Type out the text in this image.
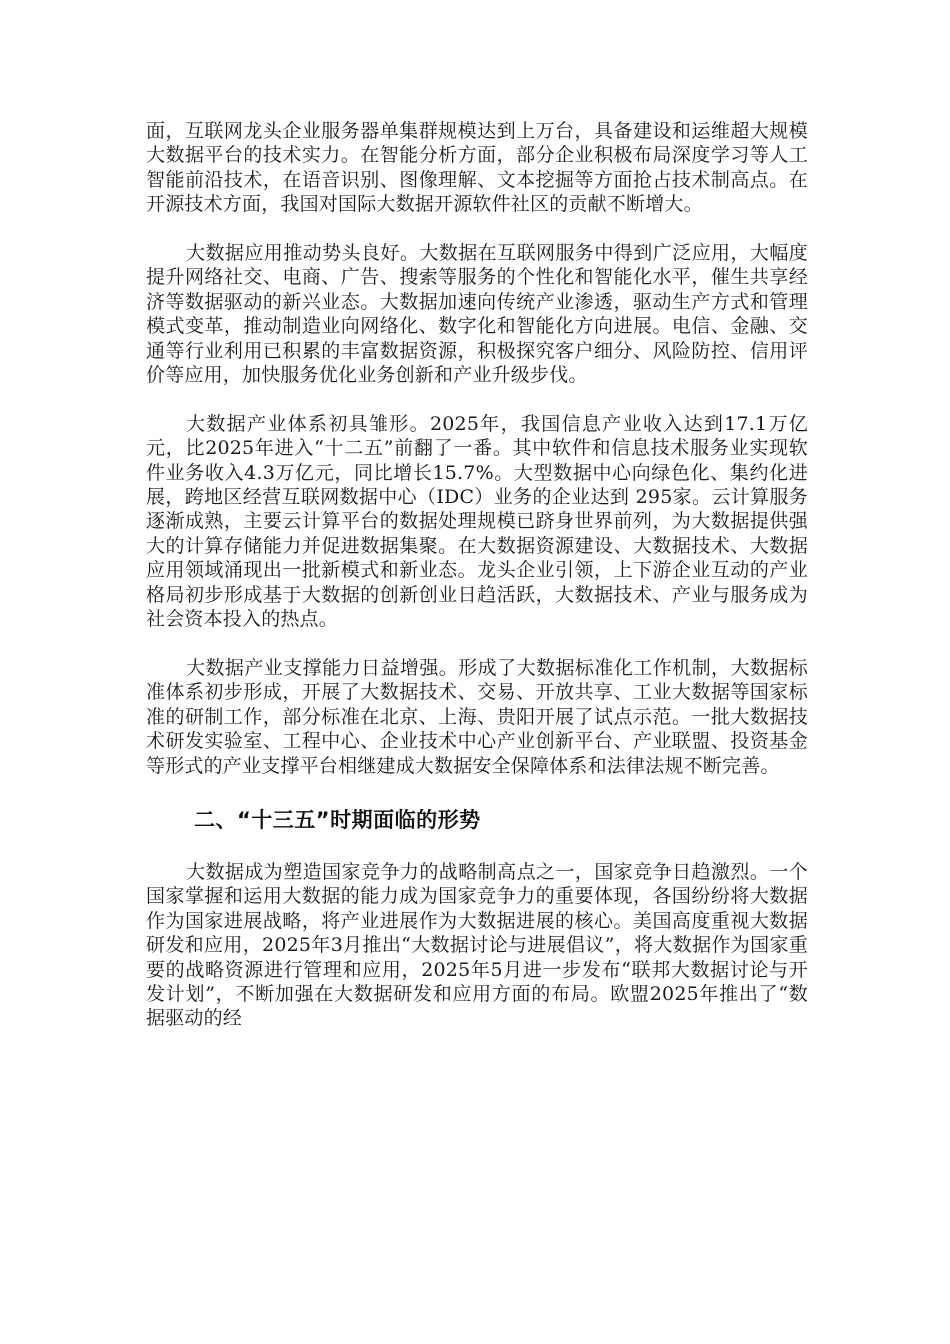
面，互联网龙头企业服务器单集群规模达到上万台，具备建设和运维超大规模大数据平台的技术实力。在智能分析方面，部分企业积极布局深度学习等人工智能前沿技术，在语音识别、图像理解、文本挖掘等方面抢占技术制高点。在开源技术方面，我国对国际大数据开源软件社区的贡献不断增大。

大数据应用推动势头良好。大数据在互联网服务中得到广泛应用，大幅度提升网络社交、电商、广告、搜索等服务的个性化和智能化水平，催生共享经济等数据驱动的新兴业态。大数据加速向传统产业渗透，驱动生产方式和管理模式变革，推动制造业向网络化、数字化和智能化方向进展。电信、金融、交通等行业利用已积累的丰富数据资源，积极探究客户细分、风险防控、信用评价等应用，加快服务优化业务创新和产业升级步伐。

大数据产业体系初具雏形。2025年，我国信息产业收入达到17.1万亿元，比2025年进入“十二五”前翻了一番。其中软件和信息技术服务业实现软件业务收入4.3万亿元，同比增长15.7%。大型数据中心向绿色化、集约化进展，跨地区经营互联网数据中心（IDC）业务的企业达到 295家。云计算服务逐渐成熟，主要云计算平台的数据处理规模已跻身世界前列，为大数据提供强大的计算存储能力并促进数据集聚。在大数据资源建设、大数据技术、大数据应用领域涌现出一批新模式和新业态。龙头企业引领，上下游企业互动的产业格局初步形成基于大数据的创新创业日趋活跃，大数据技术、产业与服务成为社会资本投入的热点。

大数据产业支撑能力日益增强。形成了大数据标准化工作机制，大数据标准体系初步形成，开展了大数据技术、交易、开放共享、工业大数据等国家标准的研制工作，部分标准在北京、上海、贵阳开展了试点示范。一批大数据技术研发实验室、工程中心、企业技术中心产业创新平台、产业联盟、投资基金等形式的产业支撑平台相继建成大数据安全保障体系和法律法规不断完善。

二、“十三五”时期面临的形势

大数据成为塑造国家竞争力的战略制高点之一，国家竞争日趋激烈。一个国家掌握和运用大数据的能力成为国家竞争力的重要体现，各国纷纷将大数据作为国家进展战略，将产业进展作为大数据进展的核心。美国高度重视大数据研发和应用，2025年3月推出“大数据讨论与进展倡议”，将大数据作为国家重要的战略资源进行管理和应用，2025年5月进一步发布“联邦大数据讨论与开发计划”，不断加强在大数据研发和应用方面的布局。欧盟2025年推出了“数据驱动的经
